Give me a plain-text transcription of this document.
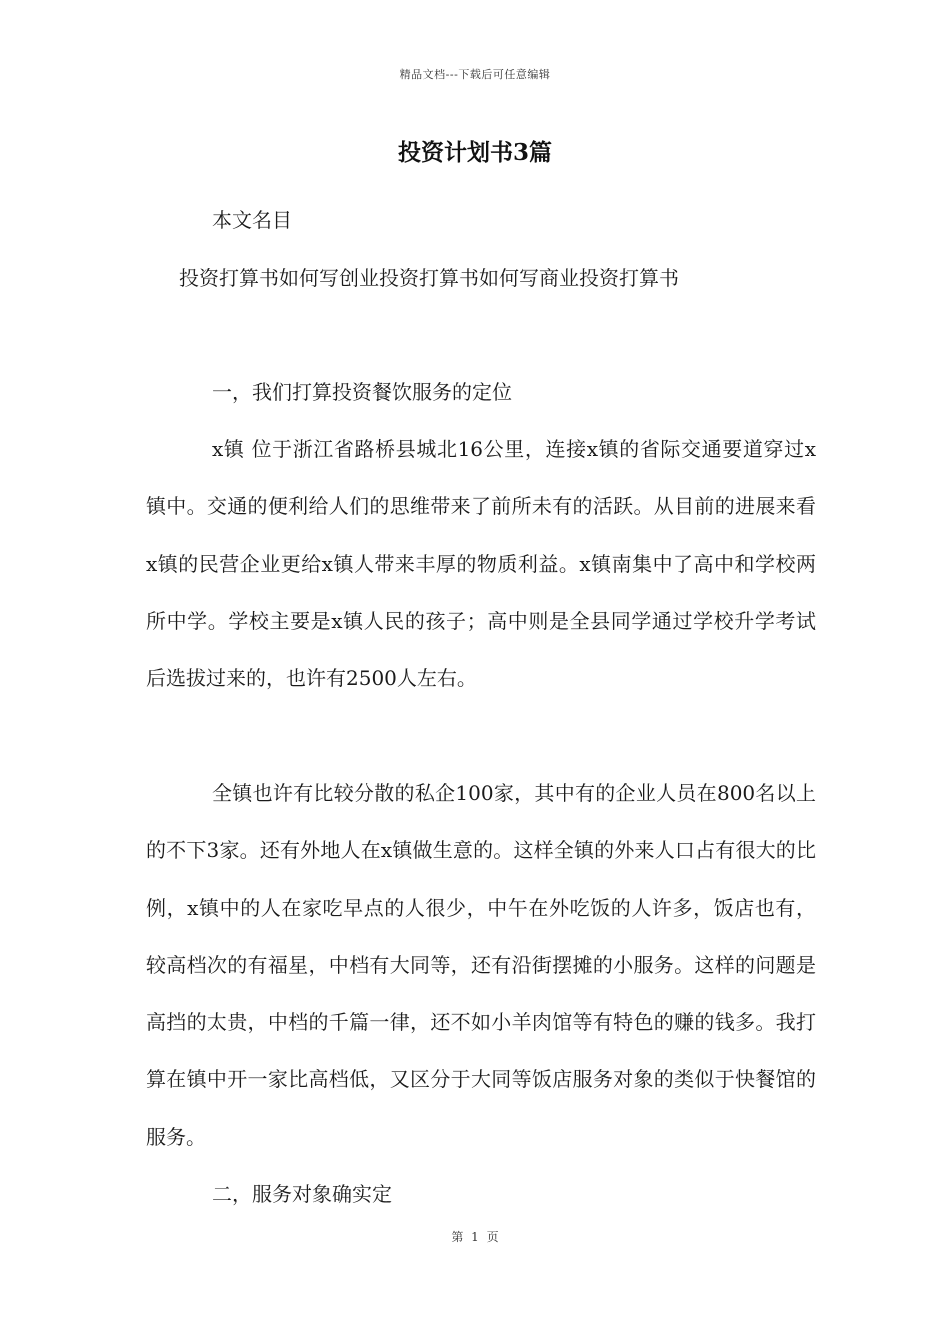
精品文档---下载后可任意编辑
投资计划书3篇

本文名目

投资打算书如何写创业投资打算书如何写商业投资打算书

一，我们打算投资餐饮服务的定位

x镇 位于浙江省路桥县城北16公里，连接x镇的省际交通要道穿过x镇中。交通的便利给人们的思维带来了前所未有的活跃。从目前的进展来看x镇的民营企业更给x镇人带来丰厚的物质利益。x镇南集中了高中和学校两所中学。学校主要是x镇人民的孩子；高中则是全县同学通过学校升学考试后选拔过来的，也许有2500人左右。

全镇也许有比较分散的私企100家，其中有的企业人员在800名以上的不下3家。还有外地人在x镇做生意的。这样全镇的外来人口占有很大的比例，x镇中的人在家吃早点的人很少，中午在外吃饭的人许多，饭店也有，较高档次的有福星，中档有大同等，还有沿街摆摊的小服务。这样的问题是高挡的太贵，中档的千篇一律，还不如小羊肉馆等有特色的赚的钱多。我打算在镇中开一家比高档低，又区分于大同等饭店服务对象的类似于快餐馆的服务。

二，服务对象确实定

第 1 页
